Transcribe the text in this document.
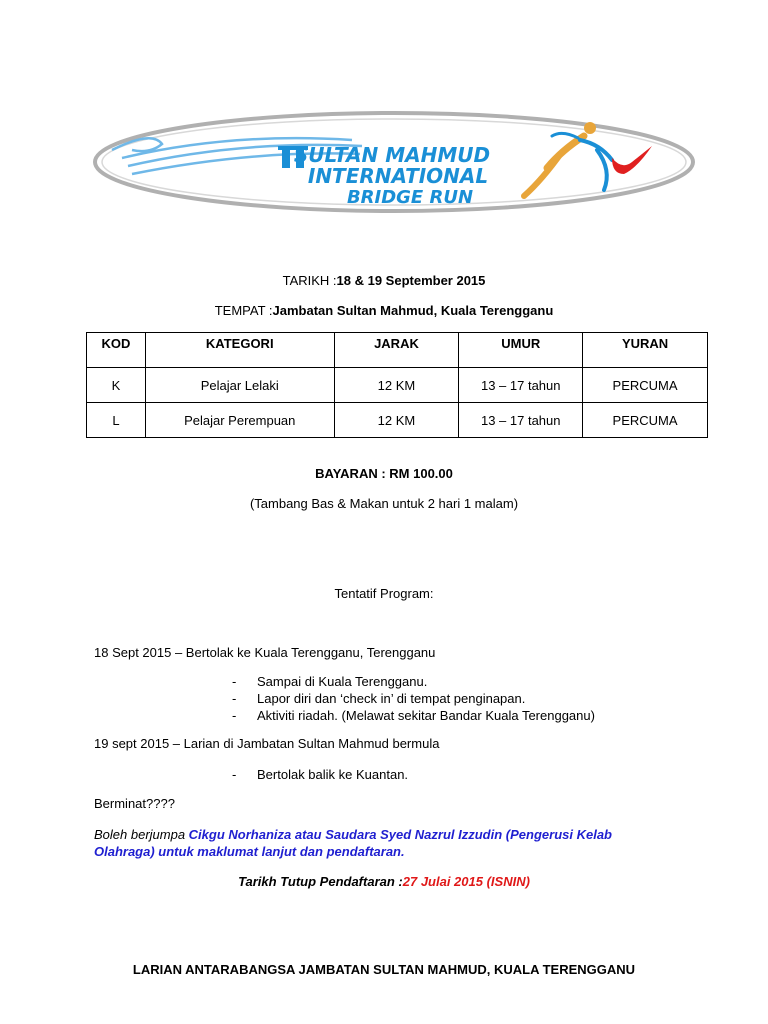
SULTAN MAHMUD
INTERNATIONAL
BRIDGE RUN
TARIKH :18 & 19 September 2015
TEMPAT :Jambatan Sultan Mahmud, Kuala Terengganu
KOD	KATEGORI	JARAK	UMUR	YURAN
K	Pelajar Lelaki	12 KM	13 – 17 tahun	PERCUMA
L	Pelajar Perempuan	12 KM	13 – 17 tahun	PERCUMA
BAYARAN : RM 100.00
(Tambang Bas & Makan untuk 2 hari 1 malam)
Tentatif Program:
18 Sept 2015 – Bertolak ke Kuala Terengganu, Terengganu
- Sampai di Kuala Terengganu.
- Lapor diri dan ‘check in’ di tempat penginapan.
- Aktiviti riadah. (Melawat sekitar Bandar Kuala Terengganu)
19 sept 2015 – Larian di Jambatan Sultan Mahmud bermula
- Bertolak balik ke Kuantan.
Berminat????
Boleh berjumpa Cikgu Norhaniza atau Saudara Syed Nazrul Izzudin (Pengerusi Kelab
Olahraga) untuk maklumat lanjut dan pendaftaran.
Tarikh Tutup Pendaftaran :27 Julai 2015 (ISNIN)
LARIAN ANTARABANGSA JAMBATAN SULTAN MAHMUD, KUALA TERENGGANU
